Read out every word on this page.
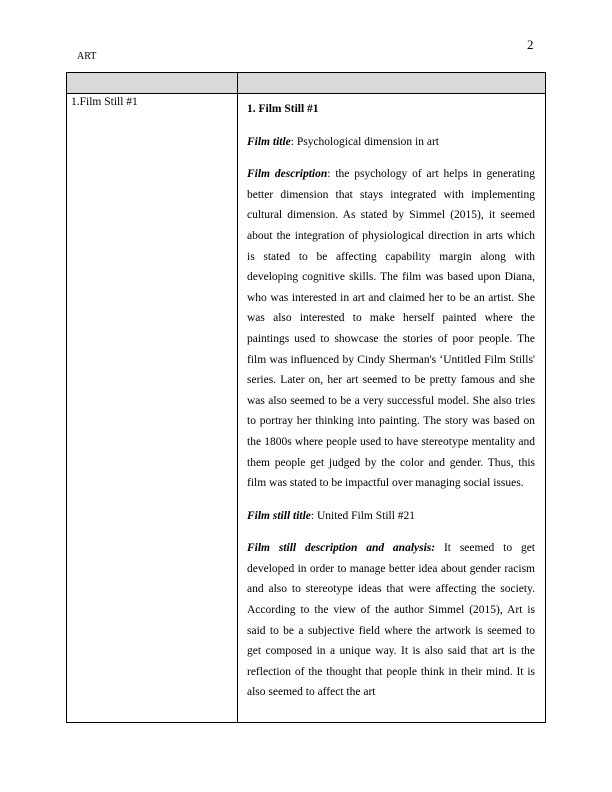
2
ART

1.Film Still #1	1. Film Still #1

Film title: Psychological dimension in art

Film description: the psychology of art helps in generating better dimension that stays integrated with implementing cultural dimension. As stated by Simmel (2015), it seemed about the integration of physiological direction in arts which is stated to be affecting capability margin along with developing cognitive skills. The film was based upon Diana, who was interested in art and claimed her to be an artist. She was also interested to make herself painted where the paintings used to showcase the stories of poor people. The film was influenced by Cindy Sherman's ‘Untitled Film Stills' series. Later on, her art seemed to be pretty famous and she was also seemed to be a very successful model. She also tries to portray her thinking into painting. The story was based on the 1800s where people used to have stereotype mentality and them people get judged by the color and gender. Thus, this film was stated to be impactful over managing social issues.

Film still title: United Film Still #21

Film still description and analysis: It seemed to get developed in order to manage better idea about gender racism and also to stereotype ideas that were affecting the society. According to the view of the author Simmel (2015), Art is said to be a subjective field where the artwork is seemed to get composed in a unique way. It is also said that art is the reflection of the thought that people think in their mind. It is also seemed to affect the art
